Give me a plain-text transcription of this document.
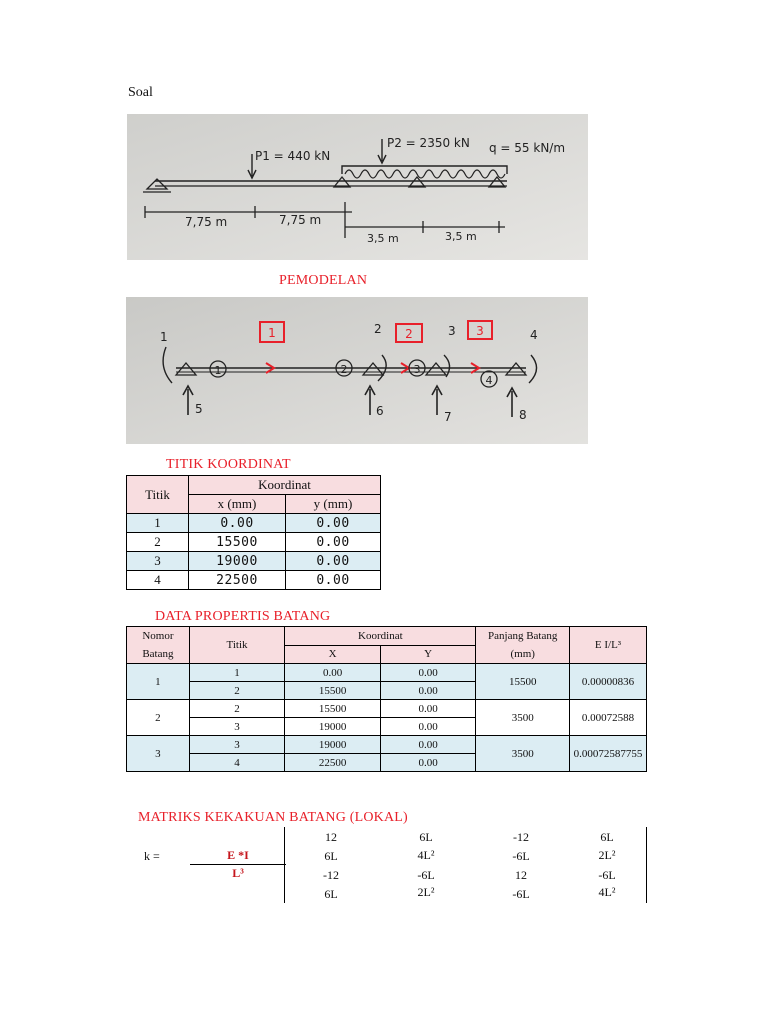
Soal
P1 = 440 kN
P2 = 2350 kN q = 55 kN/m
7,75 m	7,75 m
3,5 m	3,5 m
PEMODELAN
1	2	3
1	2	3
4
1
2	3	4
5	6	7	8
TITIK KOORDINAT
Titik	Koordinat	
	x (mm)	y (mm)
1	0.00	0.00
2	15500	0.00
3	19000	0.00
4	22500	0.00
DATA PROPERTIS BATANG
Nomor Batang	Titik	Koordinat		Panjang Batang (mm)	E I/L³
		X	Y		
1	1	0.00	0.00	15500	0.00000836
	2	15500	0.00		
2	2	15500	0.00	3500	0.00072588
	3	19000	0.00		
3	3	19000	0.00	3500	0.00072587755
	4	22500	0.00		
MATRIKS KEKAKUAN BATANG (LOKAL)
k =	E *I
L³
12	6L	-12	6L
6L	4L²	-6L	2L²
-12	-6L	12	-6L
6L	2L²	-6L	4L²
